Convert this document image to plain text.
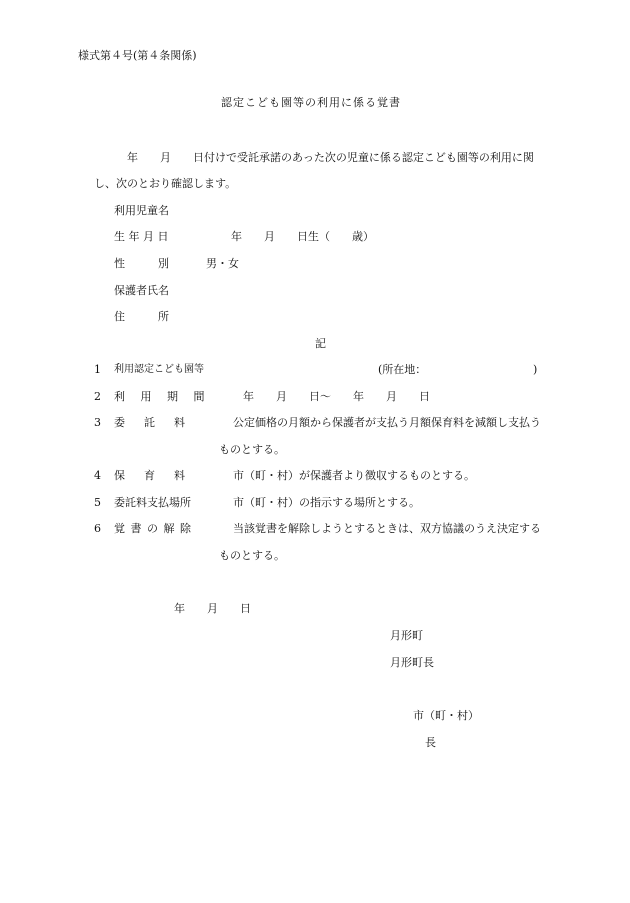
様式第４号(第４条関係)
認定こども園等の利用に係る覚書
年　　月　　日付けで受託承諾のあった次の児童に係る認定こども園等の利用に関
し、次のとおり確認します。
利用児童名
生 年 月 日	年　　月　　日生（　　歳）
性　　　別	男・女
保護者氏名
住　　　所
記
1 利用認定こども園等	(所在地：	)
2 利 用 期 間	年　　月　　日～　　年　　月　　日
3 委　託　料	公定価格の月額から保護者が支払う月額保育料を減額し支払う
ものとする。
4 保　育　料	市（町・村）が保護者より徴収するものとする。
5 委託料支払場所	市（町・村）の指示する場所とする。
6 覚 書 の 解 除	当該覚書を解除しようとするときは、双方協議のうえ決定する
ものとする。
年　　月　　日
月形町
月形町長
市（町・村）
長
